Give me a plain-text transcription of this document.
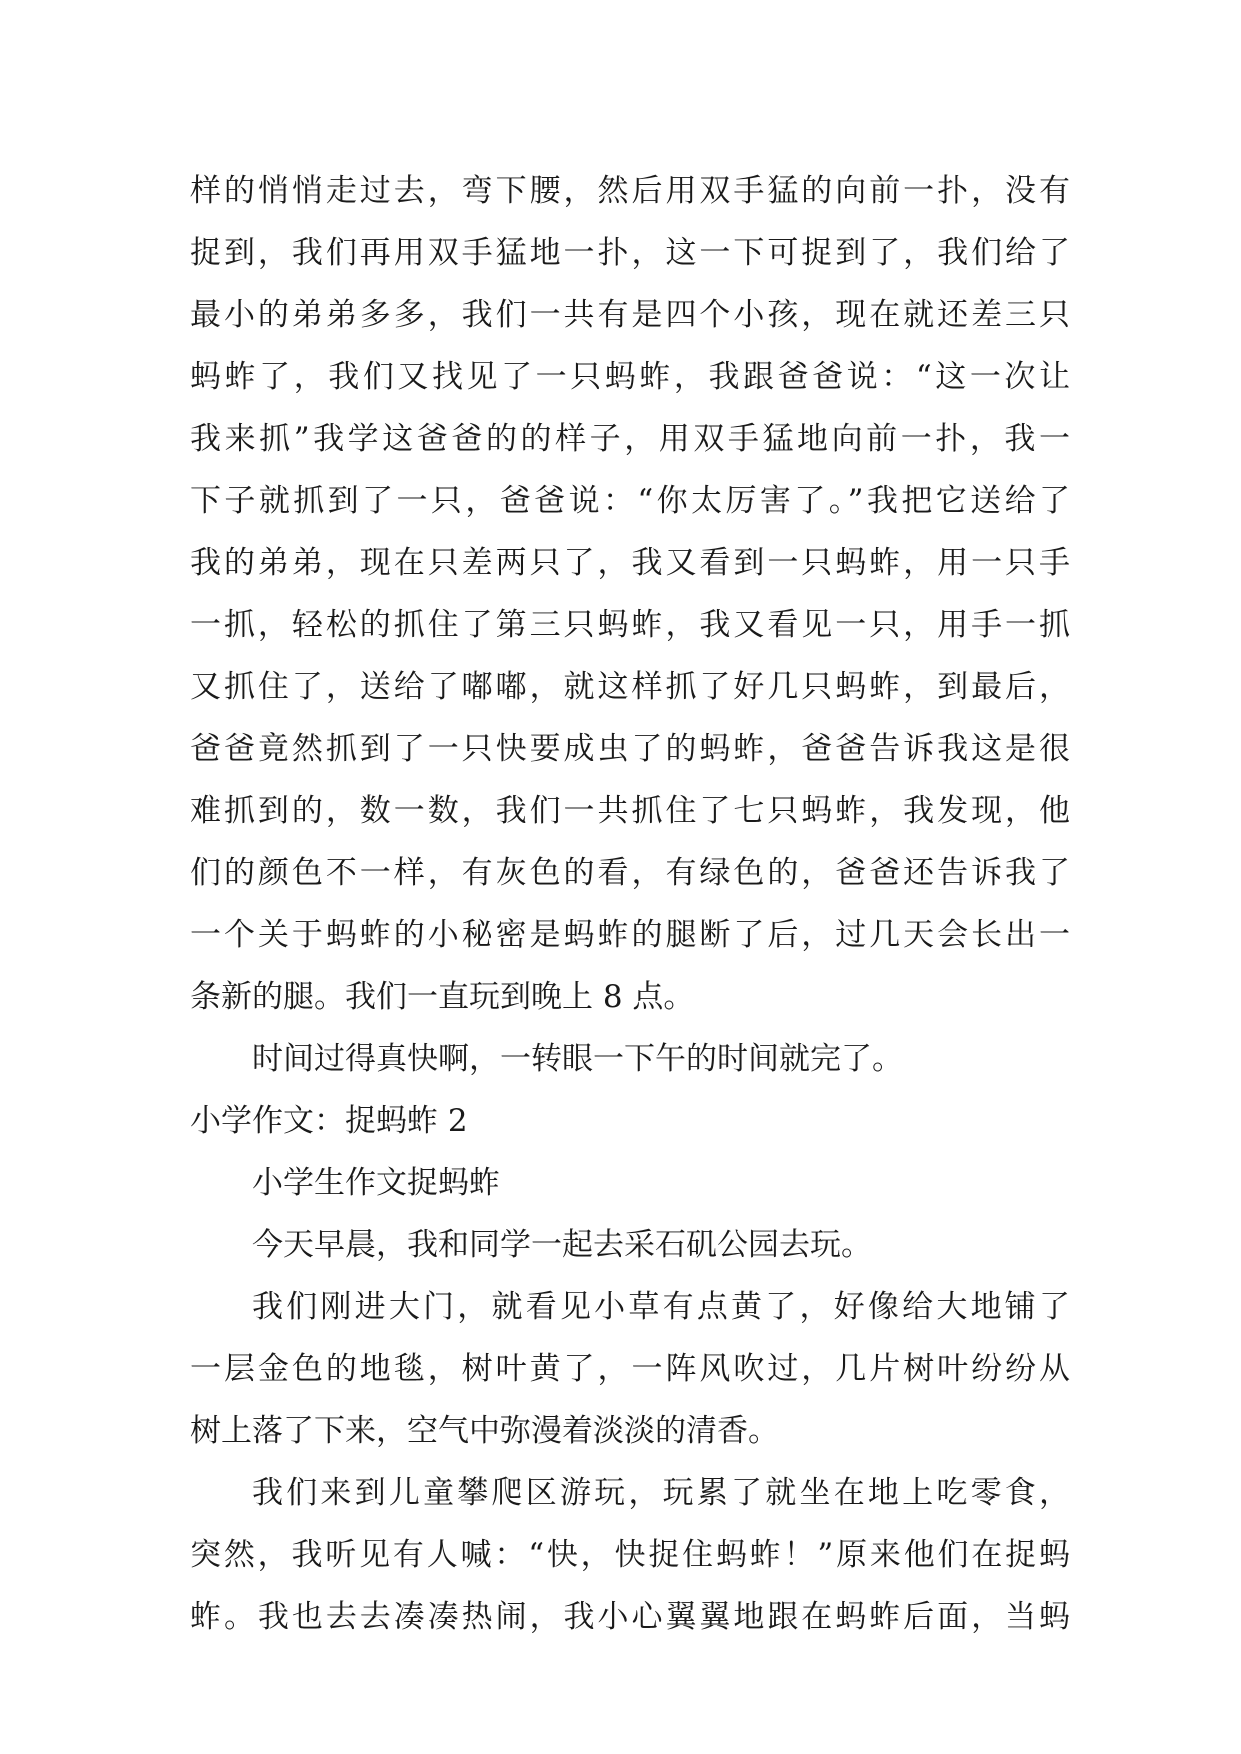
样的悄悄走过去，弯下腰，然后用双手猛的向前一扑，没有
捉到，我们再用双手猛地一扑，这一下可捉到了，我们给了
最小的弟弟多多，我们一共有是四个小孩，现在就还差三只
蚂蚱了，我们又找见了一只蚂蚱，我跟爸爸说：“这一次让
我来抓”我学这爸爸的的样子，用双手猛地向前一扑，我一
下子就抓到了一只，爸爸说：“你太厉害了。”我把它送给了
我的弟弟，现在只差两只了，我又看到一只蚂蚱，用一只手
一抓，轻松的抓住了第三只蚂蚱，我又看见一只，用手一抓
又抓住了，送给了嘟嘟，就这样抓了好几只蚂蚱，到最后，
爸爸竟然抓到了一只快要成虫了的蚂蚱，爸爸告诉我这是很
难抓到的，数一数，我们一共抓住了七只蚂蚱，我发现，他
们的颜色不一样，有灰色的看，有绿色的，爸爸还告诉我了
一个关于蚂蚱的小秘密是蚂蚱的腿断了后，过几天会长出一
条新的腿。我们一直玩到晚上 8 点。
时间过得真快啊，一转眼一下午的时间就完了。
小学作文：捉蚂蚱 2
小学生作文捉蚂蚱
今天早晨，我和同学一起去采石矶公园去玩。
我们刚进大门，就看见小草有点黄了，好像给大地铺了
一层金色的地毯，树叶黄了，一阵风吹过，几片树叶纷纷从
树上落了下来，空气中弥漫着淡淡的清香。
我们来到儿童攀爬区游玩，玩累了就坐在地上吃零食，
突然，我听见有人喊：“快，快捉住蚂蚱！”原来他们在捉蚂
蚱。我也去去凑凑热闹，我小心翼翼地跟在蚂蚱后面，当蚂
